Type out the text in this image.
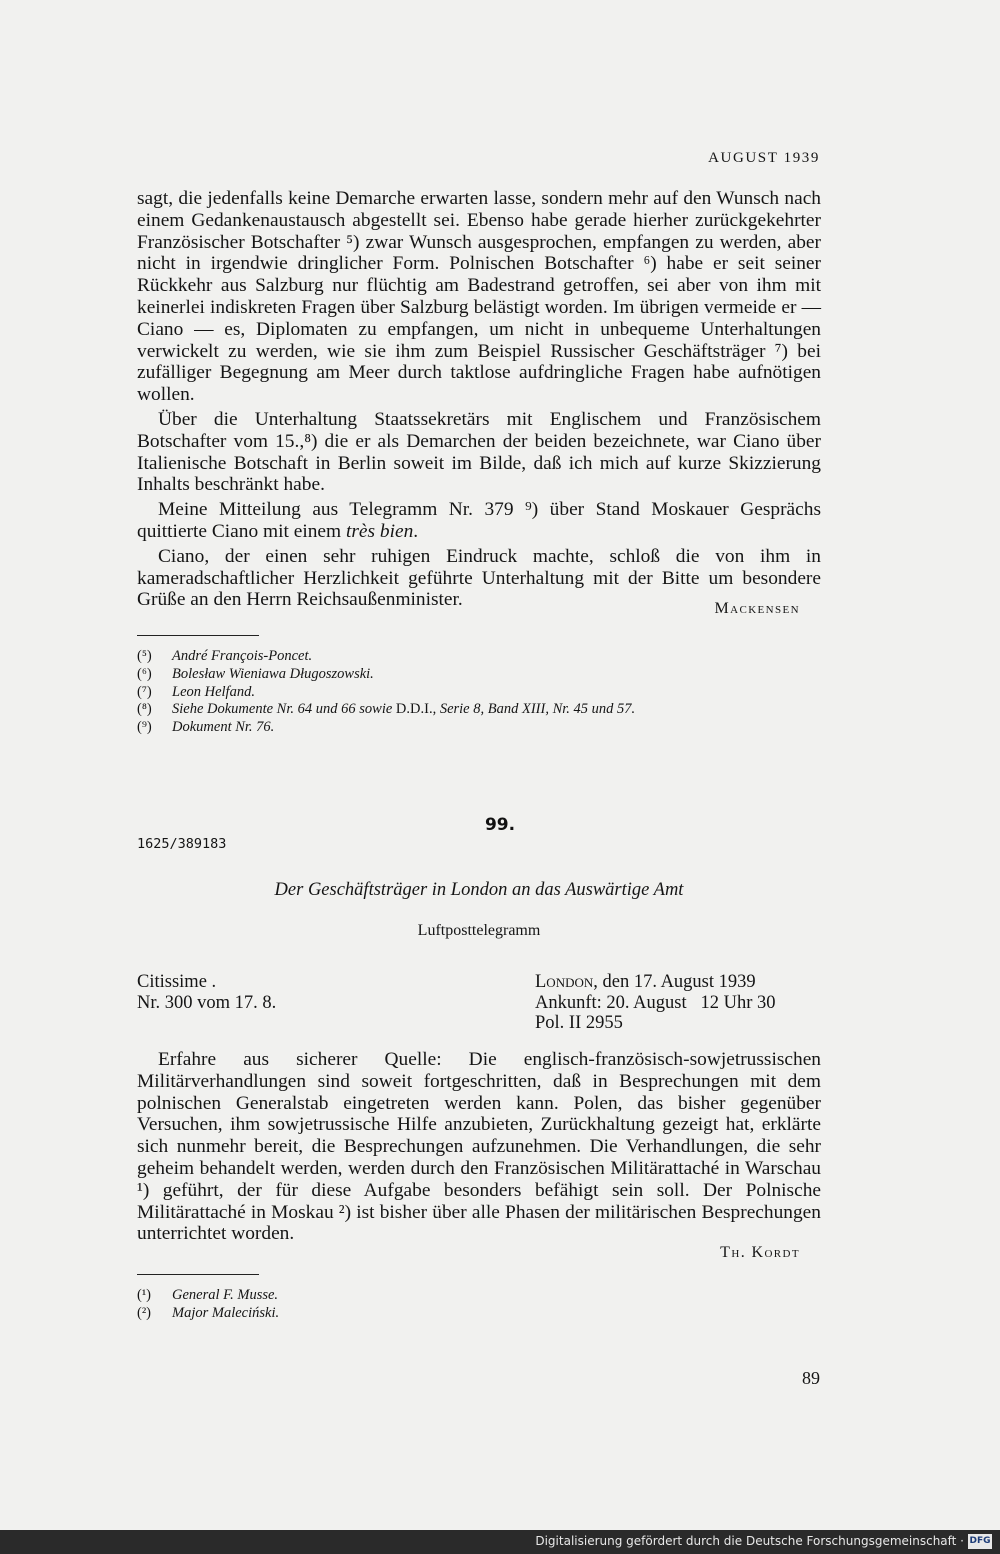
AUGUST 1939

sagt, die jedenfalls keine Demarche erwarten lasse, sondern mehr auf den Wunsch nach einem Gedankenaustausch abgestellt sei. Ebenso habe gerade hierher zurückgekehrter Französischer Botschafter ⁵) zwar Wunsch ausgesprochen, empfangen zu werden, aber nicht in irgendwie dringlicher Form. Polnischen Botschafter ⁶) habe er seit seiner Rückkehr aus Salzburg nur flüchtig am Badestrand getroffen, sei aber von ihm mit keinerlei indiskreten Fragen über Salzburg belästigt worden. Im übrigen vermeide er — Ciano — es, Diplomaten zu empfangen, um nicht in unbequeme Unterhaltungen verwickelt zu werden, wie sie ihm zum Beispiel Russischer Geschäftsträger ⁷) bei zufälliger Begegnung am Meer durch taktlose aufdringliche Fragen habe aufnötigen wollen.

Über die Unterhaltung Staatssekretärs mit Englischem und Französischem Botschafter vom 15.,⁸) die er als Demarchen der beiden bezeichnete, war Ciano über Italienische Botschaft in Berlin soweit im Bilde, daß ich mich auf kurze Skizzierung Inhalts beschränkt habe.

Meine Mitteilung aus Telegramm Nr. 379 ⁹) über Stand Moskauer Gesprächs quittierte Ciano mit einem très bien.

Ciano, der einen sehr ruhigen Eindruck machte, schloß die von ihm in kameradschaftlicher Herzlichkeit geführte Unterhaltung mit der Bitte um besondere Grüße an den Herrn Reichsaußenminister.	Mackensen
(⁵)	André François-Poncet.
(⁶)	Bolesław Wieniawa Długoszowski.
(⁷)	Leon Helfand.
(⁸)	Siehe Dokumente Nr. 64 und 66 sowie D.D.I., Serie 8, Band XIII, Nr. 45 und 57.
(⁹)	Dokument Nr. 76.
99.
1625/389183
Der Geschäftsträger in London an das Auswärtige Amt
Luftposttelegramm
Citissime .
Nr. 300 vom 17. 8.
London, den 17. August 1939
Ankunft: 20. August   12 Uhr 30
Pol. II 2955

Erfahre aus sicherer Quelle: Die englisch-französisch-sowjetrussischen Militärverhandlungen sind soweit fortgeschritten, daß in Besprechungen mit dem polnischen Generalstab eingetreten werden kann. Polen, das bisher gegenüber Versuchen, ihm sowjetrussische Hilfe anzubieten, Zurückhaltung gezeigt hat, erklärte sich nunmehr bereit, die Besprechungen aufzunehmen. Die Verhandlungen, die sehr geheim behandelt werden, werden durch den Französischen Militärattaché in Warschau ¹) geführt, der für diese Aufgabe besonders befähigt sein soll. Der Polnische Militärattaché in Moskau ²) ist bisher über alle Phasen der militärischen Besprechungen unterrichtet worden.

Th. Kordt
(¹)	General F. Musse.
(²)	Major Maleciński.
89
Digitalisierung gefördert durch die Deutsche Forschungsgemeinschaft · DFG
